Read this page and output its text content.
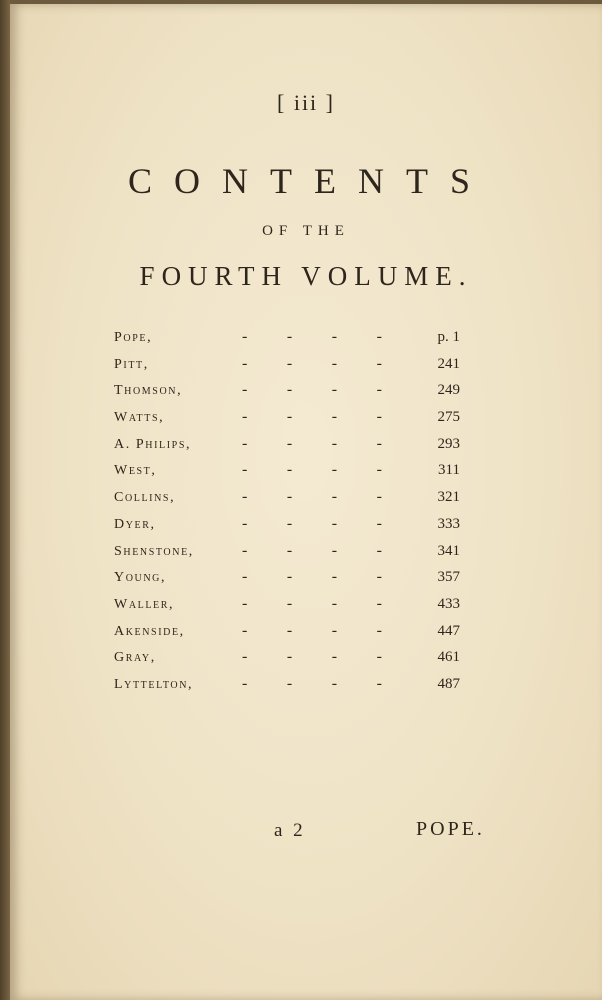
[ iii ]
CONTENTS
OF THE
FOURTH VOLUME.
Pope,	- - - -	p. 1
Pitt,	- - - -	241
Thomson,	- - - -	249
Watts,	- - - -	275
A. Philips,	- - - -	293
West,	- - - -	311
Collins,	- - - -	321
Dyer,	- - - -	333
Shenstone,	- - - -	341
Young,	- - - -	357
Waller,	- - - -	433
Akenside,	- - - -	447
Gray,	- - - -	461
Lyttelton,	- - - -	487
a 2	POPE.
